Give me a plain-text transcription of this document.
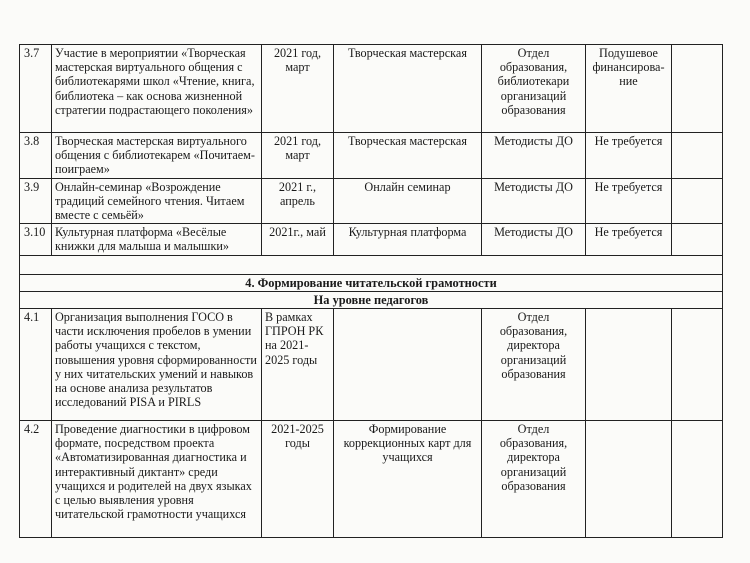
3.7	Участие в мероприятии «Творческая мастерская виртуального общения с библиотекарями школ «Чтение, книга, библиотека – как основа жизненной стратегии подрастающего поколения»	2021 год, март	Творческая мастерская	Отдел образования, библиотекари организаций образования	Подушевое финансирова-ние	
3.8	Творческая мастерская виртуального общения с библиотекарем «Почитаем-поиграем»	2021 год, март	Творческая мастерская	Методисты ДО	Не требуется	
3.9	Онлайн-семинар «Возрождение традиций семейного чтения. Читаем вместе с семьёй»	2021 г., апрель	Онлайн семинар	Методисты ДО	Не требуется	
3.10	Культурная платформа «Весёлые книжки для малыша и малышки»	2021г., май	Культурная платформа	Методисты ДО	Не требуется	

4. Формирование читательской грамотности						
На уровне педагогов						
4.1	Организация выполнения ГОСО в части исключения пробелов в умении работы учащихся с текстом, повышения уровня сформированности у них читательских умений и навыков на основе анализа результатов исследований PISA и PIRLS	В рамках ГПРОН РК на 2021-2025 годы		Отдел образования, директора организаций образования		
4.2	Проведение диагностики в цифровом формате, посредством проекта «Автоматизированная диагностика и интерактивный диктант» среди учащихся и родителей на двух языках с целью выявления уровня читательской грамотности учащихся	2021-2025 годы	Формирование коррекционных карт для учащихся	Отдел образования, директора организаций образования		
